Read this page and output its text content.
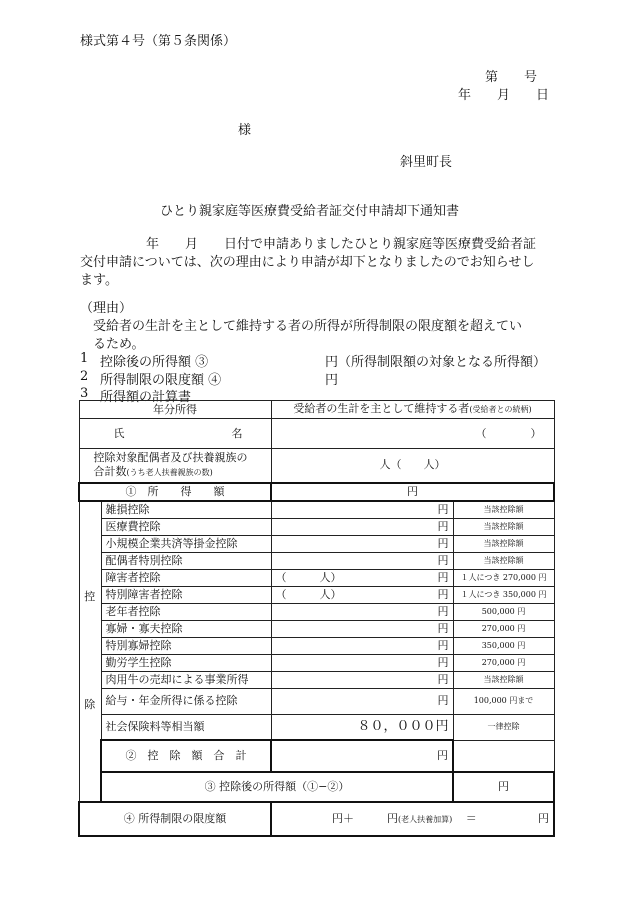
様式第４号（第５条関係）
第　　号
年　　月　　日
様
斜里町長
ひとり親家庭等医療費受給者証交付申請却下通知書
年　　月　　日付で申請ありましたひとり親家庭等医療費受給者証
交付申請については、次の理由により申請が却下となりましたのでお知らせし
ます。
（理由）
受給者の生計を主として維持する者の所得が所得制限の限度額を超えてい
るため。
1 控除後の所得額 ③	円（所得制限額の対象となる所得額）
2 所得制限の限度額 ④	円
3 所得額の計算書
年分所得		受給者の生計を主として維持する者(受給者との続柄)	

氏 名		（　　　　）	

控除対象配偶者及び扶養親族の
合計数(うち老人扶養親族の数)		人（　　人）	
①　所　　得　　額		円	

控
除	雑損控除	円	当該控除額
	医療費控除	円	当該控除額
	小規模企業共済等掛金控除	円	当該控除額
	配偶者特別控除	円	当該控除額
	障害者控除	（　　　人） 円	１人につき 270,000 円
	特別障害者控除	（　　　人） 円	１人につき 350,000 円
	老年者控除	円	500,000 円
	寡婦・寡夫控除	円	270,000 円
	特別寡婦控除	円	350,000 円
	勤労学生控除	円	270,000 円
	肉用牛の売却による事業所得	円	当該控除額
	給与・年金所得に係る控除	円	100,000 円まで
	社会保険料等相当額	８０，０００円	一律控除
	②　控　除　額　合　計	円	
	③ 控除後の所得額（①−②）		円
④ 所得制限の限度額		円＋　　　円(老人扶養加算) ＝ 円	
